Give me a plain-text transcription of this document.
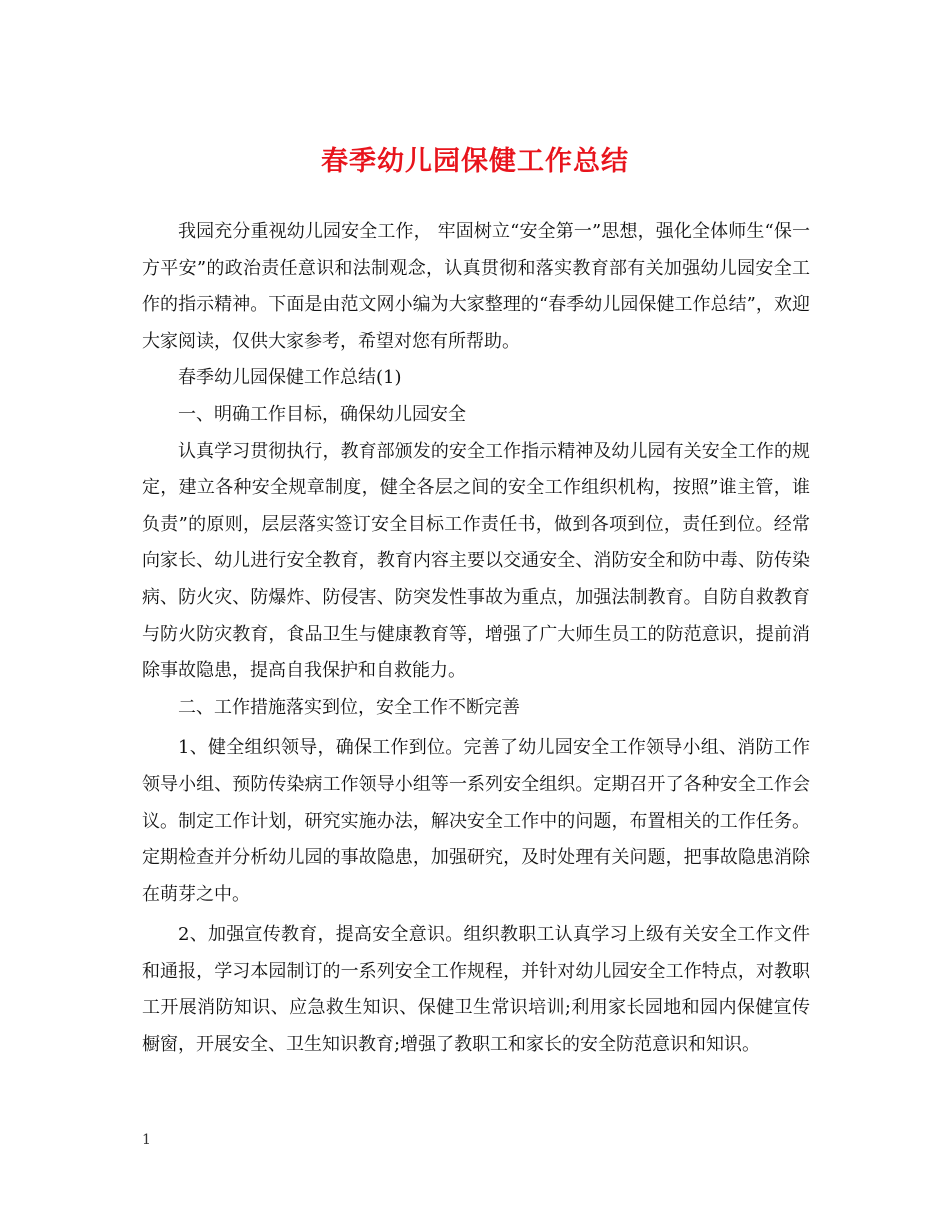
春季幼儿园保健工作总结

我园充分重视幼儿园安全工作， 牢固树立“安全第一”思想，强化全体师生“保一方平安”的政治责任意识和法制观念，认真贯彻和落实教育部有关加强幼儿园安全工作的指示精神。下面是由范文网小编为大家整理的“春季幼儿园保健工作总结”，欢迎大家阅读，仅供大家参考，希望对您有所帮助。

春季幼儿园保健工作总结(1)

一、明确工作目标，确保幼儿园安全

认真学习贯彻执行，教育部颁发的安全工作指示精神及幼儿园有关安全工作的规定，建立各种安全规章制度，健全各层之间的安全工作组织机构，按照”谁主管，谁负责”的原则，层层落实签订安全目标工作责任书，做到各项到位，责任到位。经常向家长、幼儿进行安全教育，教育内容主要以交通安全、消防安全和防中毒、防传染病、防火灾、防爆炸、防侵害、防突发性事故为重点，加强法制教育。自防自救教育与防火防灾教育，食品卫生与健康教育等，增强了广大师生员工的防范意识，提前消除事故隐患，提高自我保护和自救能力。

二、工作措施落实到位，安全工作不断完善

1、健全组织领导，确保工作到位。完善了幼儿园安全工作领导小组、消防工作领导小组、预防传染病工作领导小组等一系列安全组织。定期召开了各种安全工作会议。制定工作计划，研究实施办法，解决安全工作中的问题，布置相关的工作任务。定期检查并分析幼儿园的事故隐患，加强研究，及时处理有关问题，把事故隐患消除在萌芽之中。

2、加强宣传教育，提高安全意识。组织教职工认真学习上级有关安全工作文件和通报，学习本园制订的一系列安全工作规程，并针对幼儿园安全工作特点，对教职工开展消防知识、应急救生知识、保健卫生常识培训;利用家长园地和园内保健宣传橱窗，开展安全、卫生知识教育;增强了教职工和家长的安全防范意识和知识。

1
